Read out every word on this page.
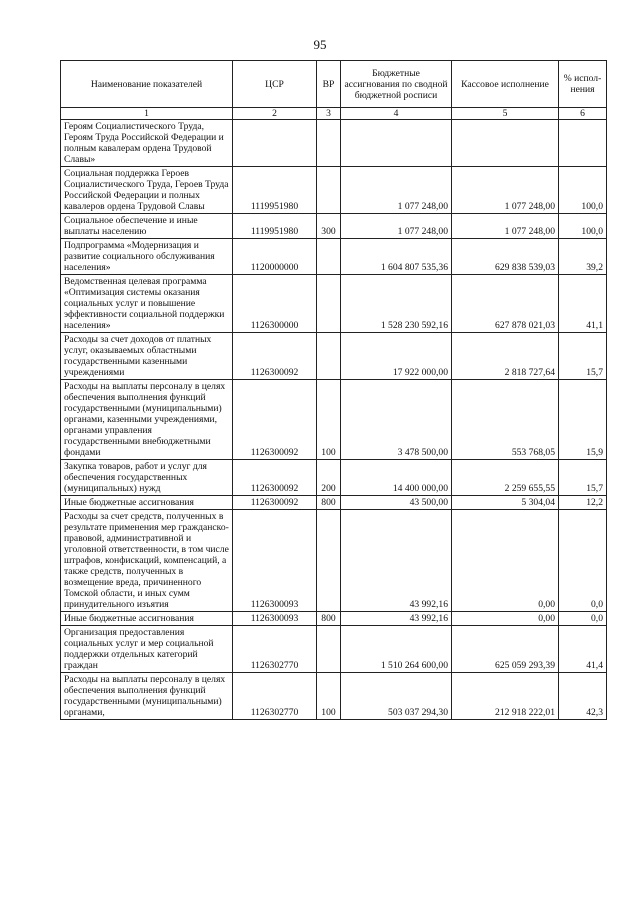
95
Наименование показателей	ЦСР	ВР	Бюджетные ассигнования по сводной бюджетной росписи	Кассовое исполнение	% испол-нения
1	2	3	4	5	6
Героям Социалистического Труда, Героям Труда Российской Федерации и полным кавалерам ордена Трудовой Славы»					
Социальная поддержка Героев Социалистического Труда, Героев Труда Российской Федерации и полных кавалеров ордена Трудовой Славы	1119951980		1 077 248,00	1 077 248,00	100,0
Социальное обеспечение и иные выплаты населению	1119951980	300	1 077 248,00	1 077 248,00	100,0
Подпрограмма «Модернизация и развитие социального обслуживания населения»	1120000000		1 604 807 535,36	629 838 539,03	39,2
Ведомственная целевая программа «Оптимизация системы оказания социальных услуг и повышение эффективности социальной поддержки населения»	1126300000		1 528 230 592,16	627 878 021,03	41,1
Расходы за счет доходов от платных услуг, оказываемых областными государственными казенными учреждениями	1126300092		17 922 000,00	2 818 727,64	15,7
Расходы на выплаты персоналу в целях обеспечения выполнения функций государственными (муниципальными) органами, казенными учреждениями, органами управления государственными внебюджетными фондами	1126300092	100	3 478 500,00	553 768,05	15,9
Закупка товаров, работ и услуг для обеспечения государственных (муниципальных) нужд	1126300092	200	14 400 000,00	2 259 655,55	15,7
Иные бюджетные ассигнования	1126300092	800	43 500,00	5 304,04	12,2
Расходы за счет средств, полученных в результате применения мер гражданско-правовой, административной и уголовной ответственности, в том числе штрафов, конфискаций, компенсаций, а также средств, полученных в возмещение вреда, причиненного Томской области, и иных сумм принудительного изъятия	1126300093		43 992,16	0,00	0,0
Иные бюджетные ассигнования	1126300093	800	43 992,16	0,00	0,0
Организация предоставления социальных услуг и мер социальной поддержки отдельных категорий граждан	1126302770		1 510 264 600,00	625 059 293,39	41,4
Расходы на выплаты персоналу в целях обеспечения выполнения функций государственными (муниципальными) органами,	1126302770	100	503 037 294,30	212 918 222,01	42,3
